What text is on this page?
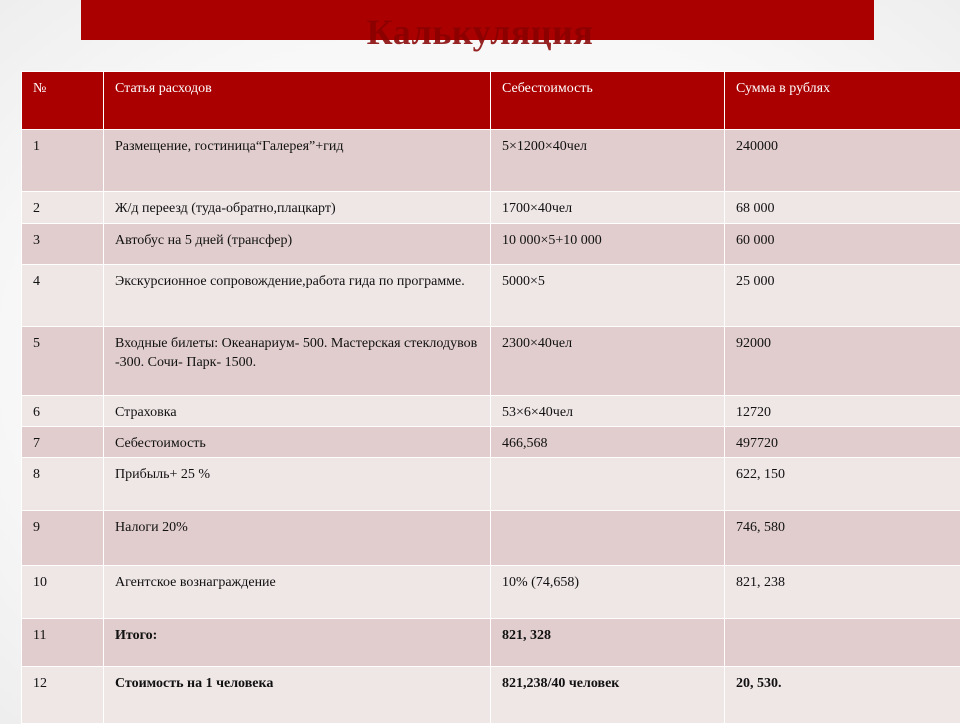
Калькуляция
№	Статья расходов	Себестоимость	Сумма в рублях
1	Размещение, гостиница“Галерея”+гид	5×1200×40чел	240000
2	Ж/д переезд (туда-обратно,плацкарт)	1700×40чел	68 000
3	Автобус на 5 дней (трансфер)	10 000×5+10 000	60 000
4	Экскурсионное сопровождение,работа гида по программе.	5000×5	25 000
5	Входные билеты: Океанариум- 500. Мастерская стеклодувов -300. Сочи- Парк- 1500.	2300×40чел	92000
6	Страховка	53×6×40чел	12720
7	Себестоимость	466,568	497720
8	Прибыль+ 25 %		622, 150
9	Налоги 20%		746, 580
10	Агентское вознаграждение	10% (74,658)	821, 238
11	Итого:	821, 328	
12	Стоимость на 1 человека	821,238/40 человек	20, 530.
